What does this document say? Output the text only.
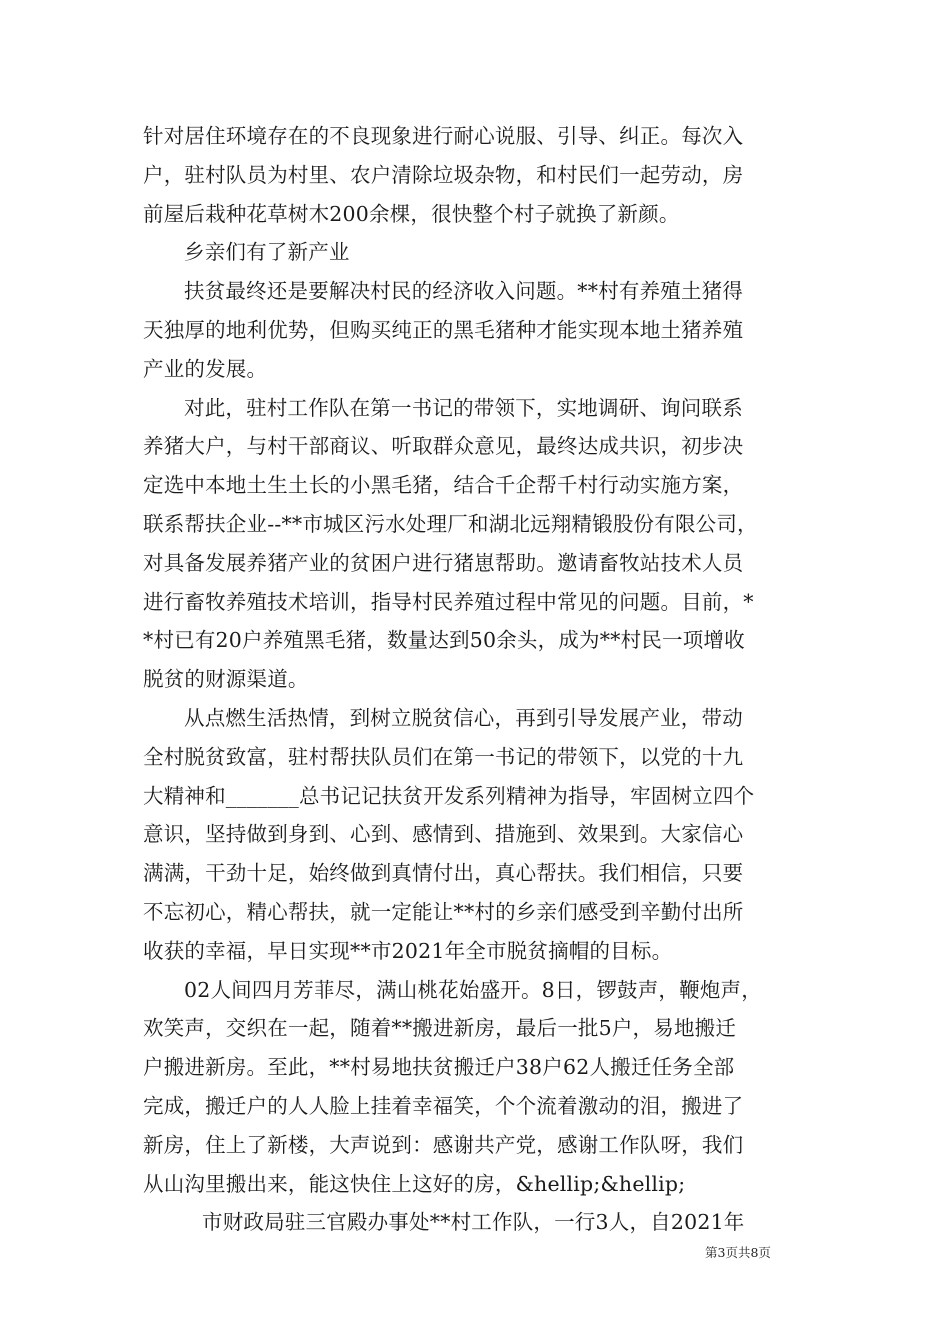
针对居住环境存在的不良现象进行耐心说服、引导、纠正。每次入
户，驻村队员为村里、农户清除垃圾杂物，和村民们一起劳动，房
前屋后栽种花草树木200余棵，很快整个村子就换了新颜。
乡亲们有了新产业
扶贫最终还是要解决村民的经济收入问题。**村有养殖土猪得
天独厚的地利优势，但购买纯正的黑毛猪种才能实现本地土猪养殖
产业的发展。
对此，驻村工作队在第一书记的带领下，实地调研、询问联系
养猪大户，与村干部商议、听取群众意见，最终达成共识，初步决
定选中本地土生土长的小黑毛猪，结合千企帮千村行动实施方案，
联系帮扶企业--**市城区污水处理厂和湖北远翔精锻股份有限公司，
对具备发展养猪产业的贫困户进行猪崽帮助。邀请畜牧站技术人员
进行畜牧养殖技术培训，指导村民养殖过程中常见的问题。目前，*
*村已有20户养殖黑毛猪，数量达到50余头，成为**村民一项增收
脱贫的财源渠道。
从点燃生活热情，到树立脱贫信心，再到引导发展产业，带动
全村脱贫致富，驻村帮扶队员们在第一书记的带领下，以党的十九
大精神和_______总书记记扶贫开发系列精神为指导，牢固树立四个
意识，坚持做到身到、心到、感情到、措施到、效果到。大家信心
满满，干劲十足，始终做到真情付出，真心帮扶。我们相信，只要
不忘初心，精心帮扶，就一定能让**村的乡亲们感受到辛勤付出所
收获的幸福，早日实现**市2021年全市脱贫摘帽的目标。
02人间四月芳菲尽，满山桃花始盛开。8日，锣鼓声，鞭炮声，
欢笑声，交织在一起，随着**搬进新房，最后一批5户，易地搬迁
户搬进新房。至此，**村易地扶贫搬迁户38户62人搬迁任务全部
完成，搬迁户的人人脸上挂着幸福笑，个个流着激动的泪，搬进了
新房，住上了新楼，大声说到：感谢共产党，感谢工作队呀，我们
从山沟里搬出来，能这快住上这好的房，&hellip;&hellip;
市财政局驻三官殿办事处**村工作队，一行3人，自2021年
第3页共8页
